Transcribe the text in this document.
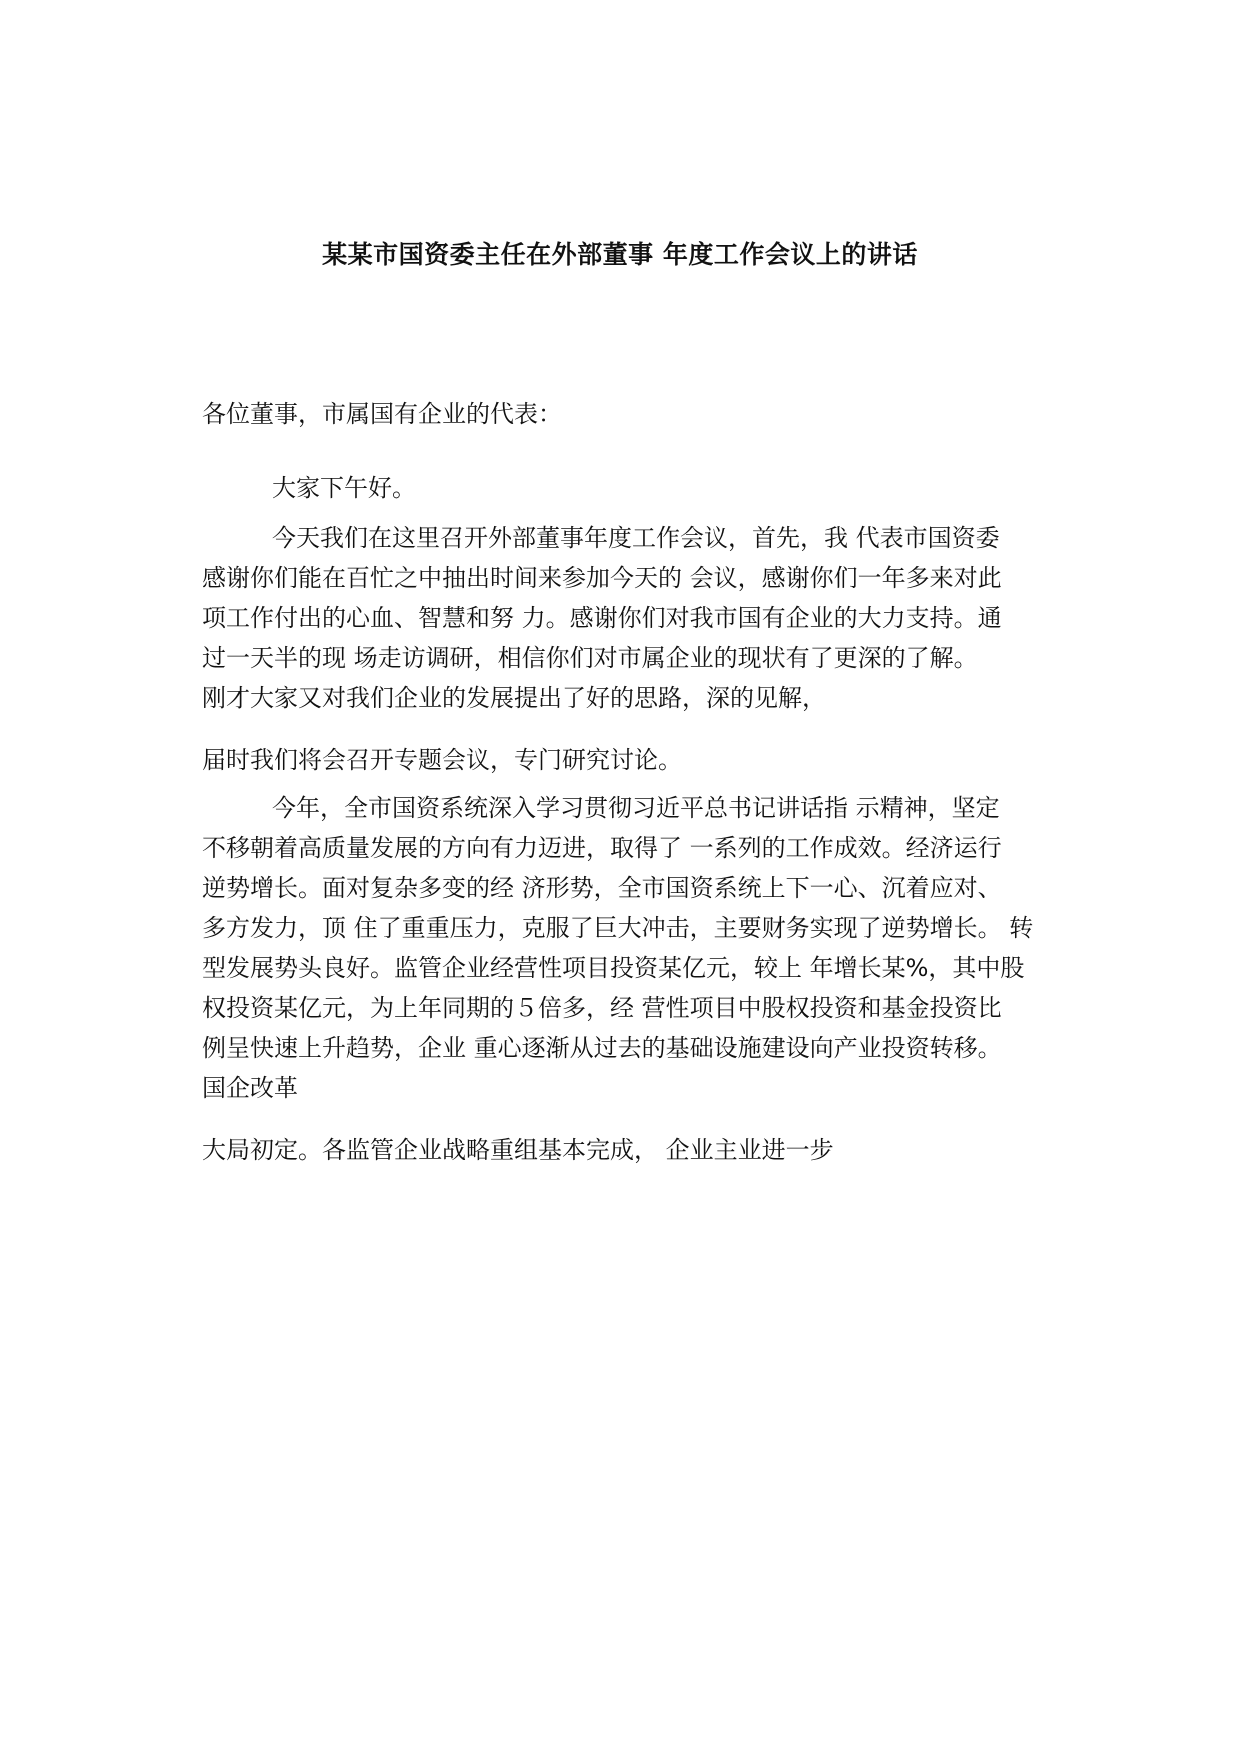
某某市国资委主任在外部董事 年度工作会议上的讲话
各位董事，市属国有企业的代表：
大家下午好。
今天我们在这里召开外部董事年度工作会议，首先，我 代表市国资委
感谢你们能在百忙之中抽出时间来参加今天的 会议，感谢你们一年多来对此
项工作付出的心血、智慧和努 力。感谢你们对我市国有企业的大力支持。通
过一天半的现 场走访调研，相信你们对市属企业的现状有了更深的了解。
刚才大家又对我们企业的发展提出了好的思路，深的见解，
届时我们将会召开专题会议，专门研究讨论。
今年，全市国资系统深入学习贯彻习近平总书记讲话指 示精神，坚定
不移朝着高质量发展的方向有力迈进，取得了 一系列的工作成效。经济运行
逆势增长。面对复杂多变的经 济形势，全市国资系统上下一心、沉着应对、
多方发力，顶 住了重重压力，克服了巨大冲击，主要财务实现了逆势增长。 转
型发展势头良好。监管企业经营性项目投资某亿元，较上 年增长某%，其中股
权投资某亿元，为上年同期的５倍多，经 营性项目中股权投资和基金投资比
例呈快速上升趋势，企业 重心逐渐从过去的基础设施建设向产业投资转移。
国企改革
大局初定。各监管企业战略重组基本完成， 企业主业进一步
